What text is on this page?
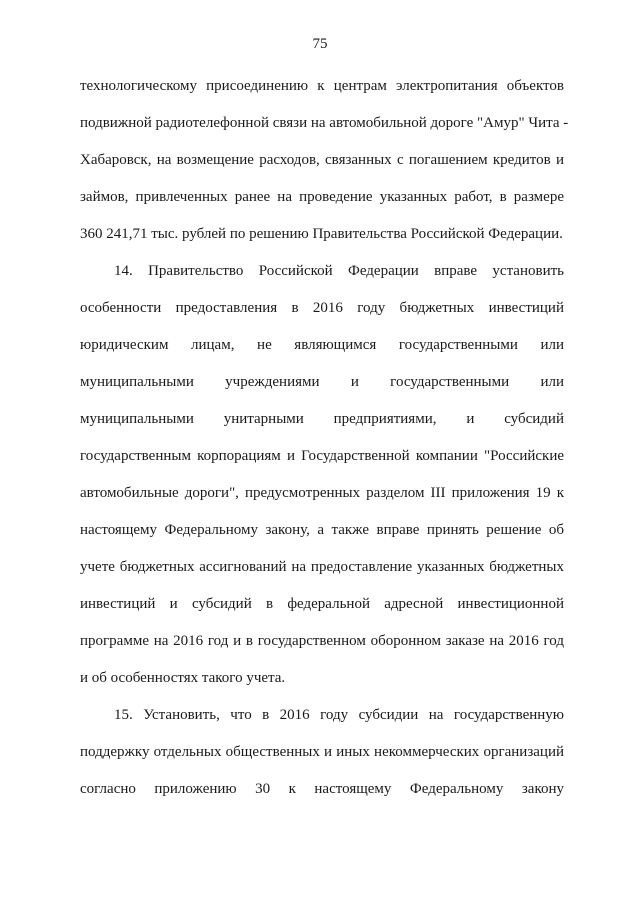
75
технологическому присоединению к центрам электропитания объектов
подвижной радиотелефонной связи на автомобильной дороге "Амур" Чита -
Хабаровск, на возмещение расходов, связанных с погашением кредитов и
займов, привлеченных ранее на проведение указанных работ, в размере
360 241,71 тыс. рублей по решению Правительства Российской Федерации.
14. Правительство Российской Федерации вправе установить
особенности предоставления в 2016 году бюджетных инвестиций
юридическим лицам, не являющимся государственными или
муниципальными учреждениями и государственными или
муниципальными унитарными предприятиями, и субсидий
государственным корпорациям и Государственной компании "Российские
автомобильные дороги", предусмотренных разделом III приложения 19 к
настоящему Федеральному закону, а также вправе принять решение об
учете бюджетных ассигнований на предоставление указанных бюджетных
инвестиций и субсидий в федеральной адресной инвестиционной
программе на 2016 год и в государственном оборонном заказе на 2016 год
и об особенностях такого учета.
15. Установить, что в 2016 году субсидии на государственную
поддержку отдельных общественных и иных некоммерческих организаций
согласно приложению 30 к настоящему Федеральному закону
